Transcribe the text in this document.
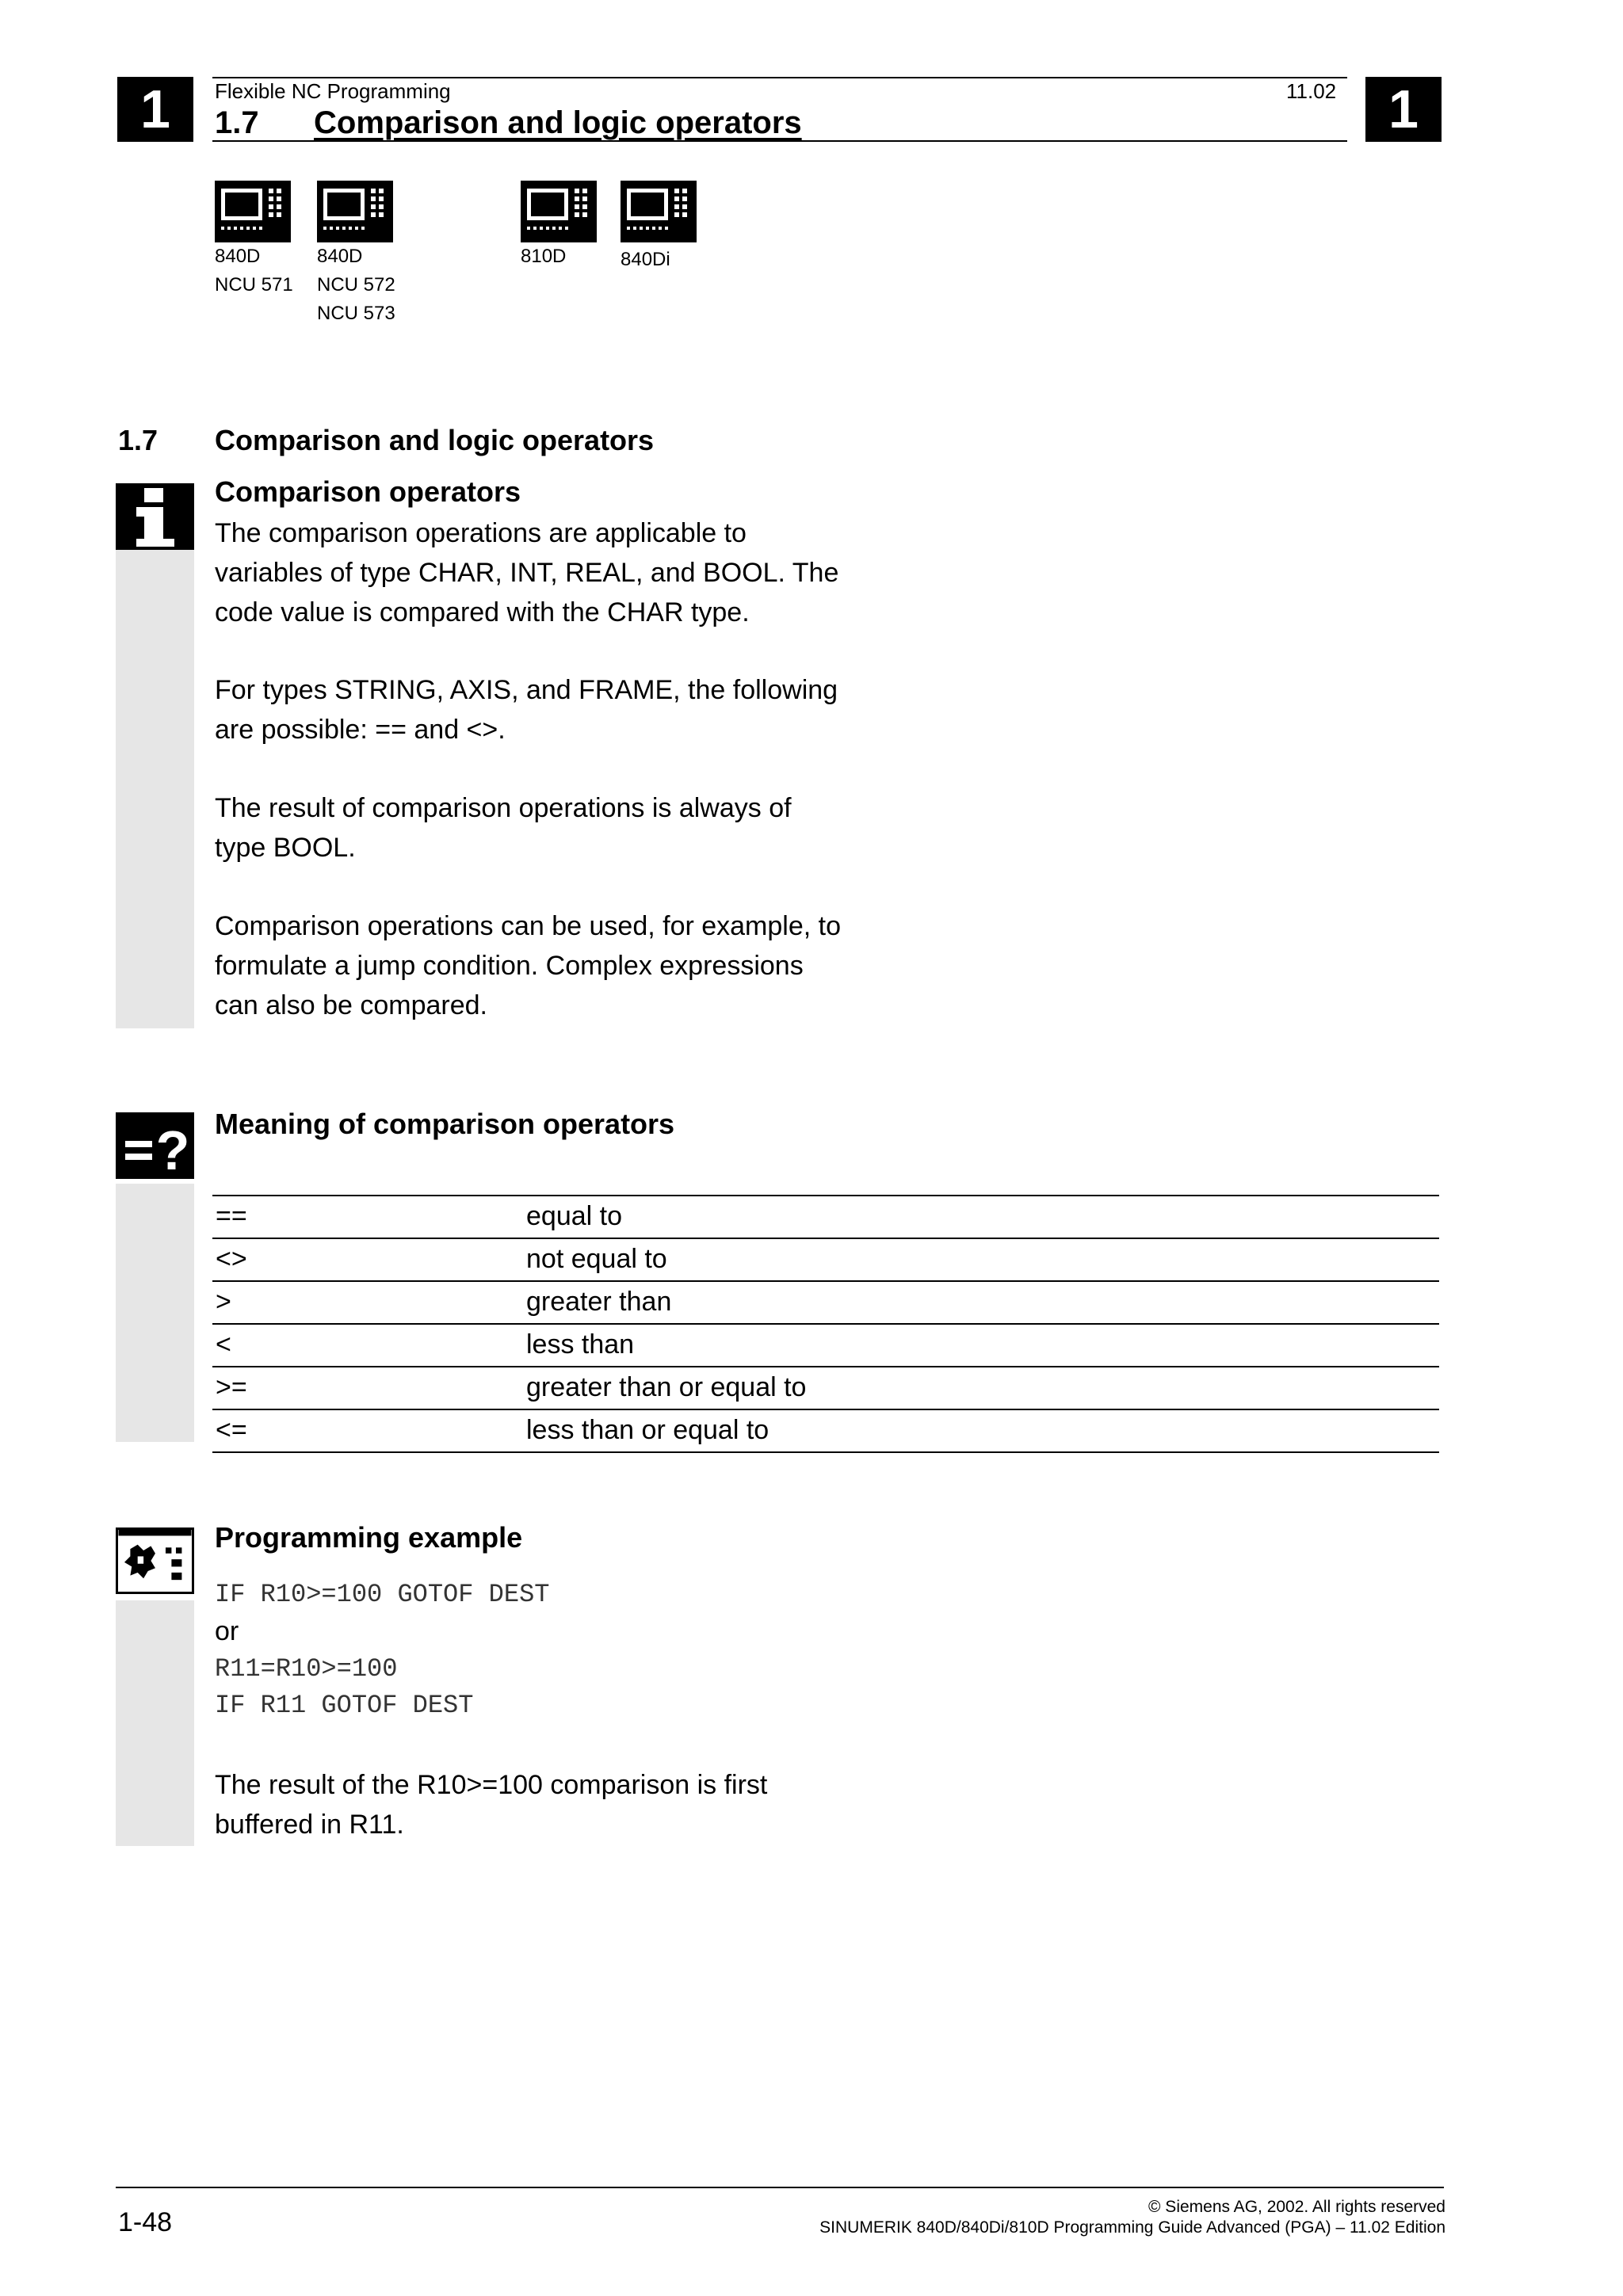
1	1
Flexible NC Programming	11.02
1.7 Comparison and logic operators
840D
NCU 571
840D
NCU 572
NCU 573
810D	840Di
1.7 Comparison and logic operators
Comparison operators
The comparison operations are applicable to
variables of type CHAR, INT, REAL, and BOOL. The
code value is compared with the CHAR type.
For types STRING, AXIS, and FRAME, the following
are possible: == and <>.
The result of comparison operations is always of
type BOOL.
Comparison operations can be used, for example, to
formulate a jump condition. Complex expressions
can also be compared.
? Meaning of comparison operators
==	equal to
<>	not equal to
>	greater than
<	less than
>=	greater than or equal to
<=	less than or equal to
Programming example
IF R10>=100 GOTOF DEST
or
R11=R10>=100
IF R11 GOTOF DEST
The result of the R10>=100 comparison is first
buffered in R11.
1-48
© Siemens AG, 2002. All rights reserved
SINUMERIK 840D/840Di/810D Programming Guide Advanced (PGA) – 11.02 Edition
